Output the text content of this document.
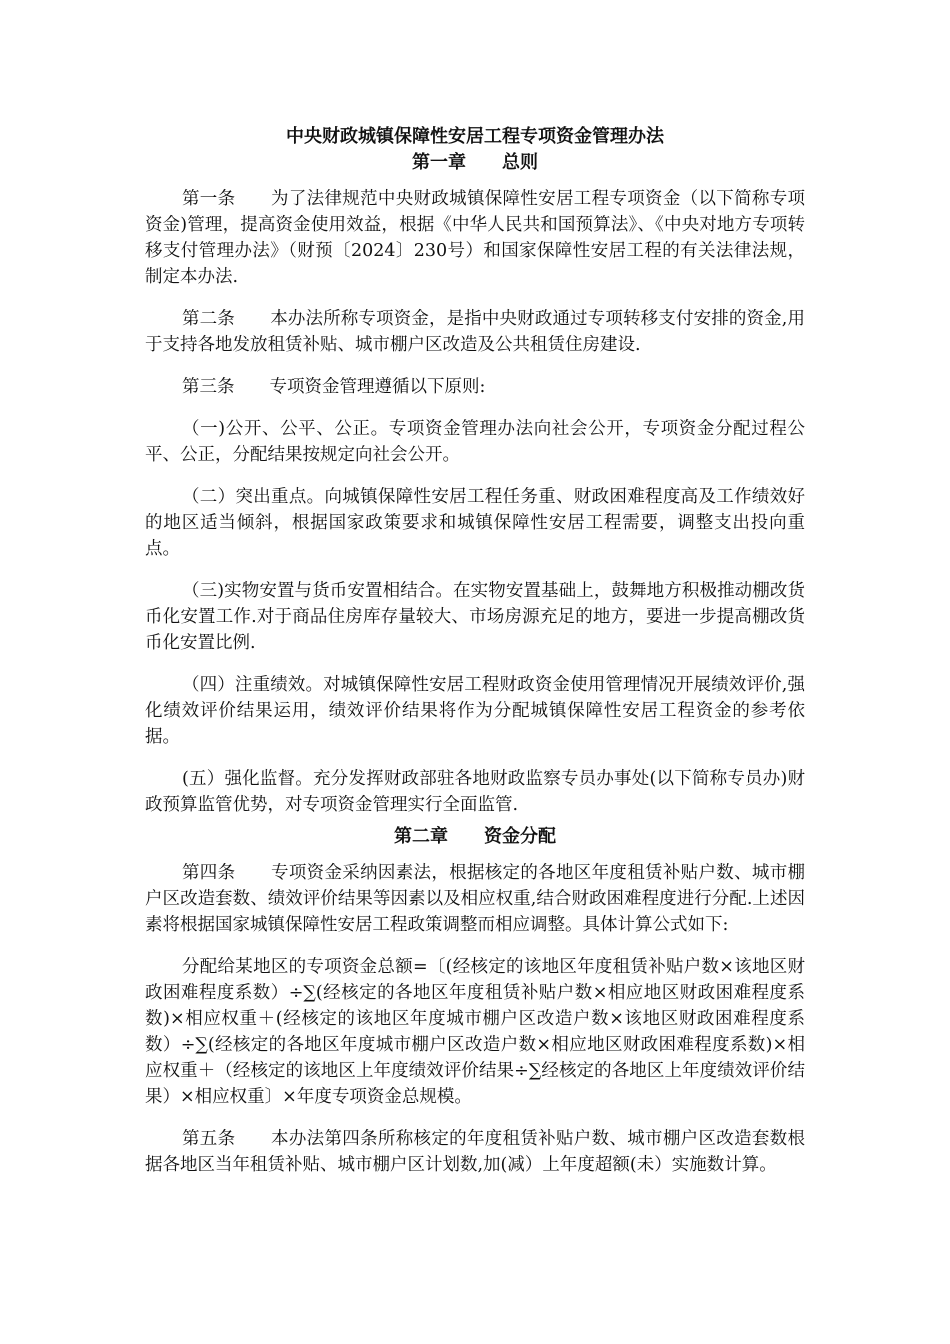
中央财政城镇保障性安居工程专项资金管理办法
第一章　　总则

第一条　　为了法律规范中央财政城镇保障性安居工程专项资金（以下简称专项资金)管理，提高资金使用效益，根据《中华人民共和国预算法》、《中央对地方专项转移支付管理办法》（财预〔2024〕230号）和国家保障性安居工程的有关法律法规，制定本办法.

第二条　　本办法所称专项资金，是指中央财政通过专项转移支付安排的资金,用于支持各地发放租赁补贴、城市棚户区改造及公共租赁住房建设.

第三条　　专项资金管理遵循以下原则:

（一)公开、公平、公正。专项资金管理办法向社会公开，专项资金分配过程公平、公正，分配结果按规定向社会公开。

（二）突出重点。向城镇保障性安居工程任务重、财政困难程度高及工作绩效好的地区适当倾斜，根据国家政策要求和城镇保障性安居工程需要，调整支出投向重点。

（三)实物安置与货币安置相结合。在实物安置基础上，鼓舞地方积极推动棚改货币化安置工作.对于商品住房库存量较大、市场房源充足的地方，要进一步提高棚改货币化安置比例.

（四）注重绩效。对城镇保障性安居工程财政资金使用管理情况开展绩效评价,强化绩效评价结果运用，绩效评价结果将作为分配城镇保障性安居工程资金的参考依据。

(五）强化监督。充分发挥财政部驻各地财政监察专员办事处(以下简称专员办)财政预算监管优势，对专项资金管理实行全面监管.

第二章　　资金分配

第四条　　专项资金采纳因素法，根据核定的各地区年度租赁补贴户数、城市棚户区改造套数、绩效评价结果等因素以及相应权重,结合财政困难程度进行分配.上述因素将根据国家城镇保障性安居工程政策调整而相应调整。具体计算公式如下:

分配给某地区的专项资金总额=〔(经核定的该地区年度租赁补贴户数×该地区财政困难程度系数）÷∑(经核定的各地区年度租赁补贴户数×相应地区财政困难程度系数)×相应权重＋(经核定的该地区年度城市棚户区改造户数×该地区财政困难程度系数）÷∑(经核定的各地区年度城市棚户区改造户数×相应地区财政困难程度系数)×相应权重＋（经核定的该地区上年度绩效评价结果÷∑经核定的各地区上年度绩效评价结果）×相应权重〕×年度专项资金总规模。

第五条　　本办法第四条所称核定的年度租赁补贴户数、城市棚户区改造套数根据各地区当年租赁补贴、城市棚户区计划数,加(减）上年度超额(未）实施数计算。
